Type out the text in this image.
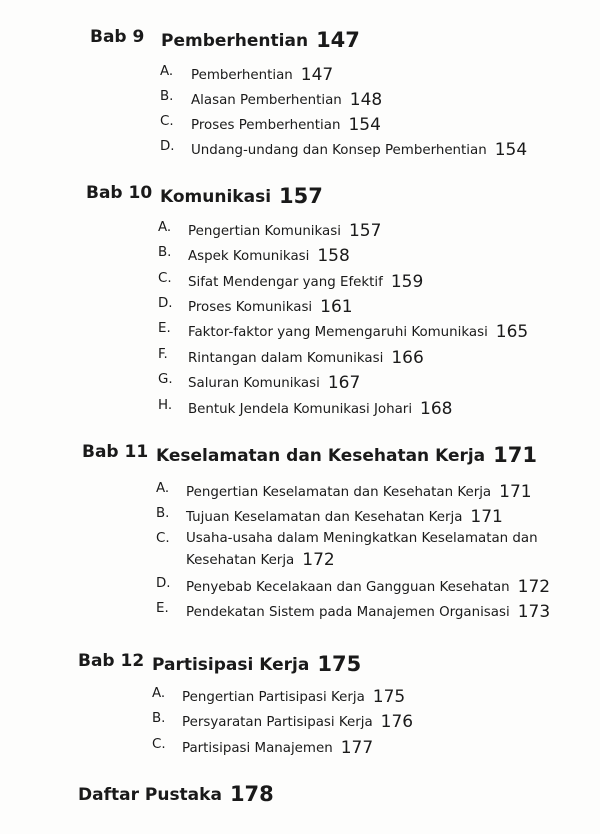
Bab 9 Pemberhentian 147
A. Pemberhentian 147
B. Alasan Pemberhentian 148
C. Proses Pemberhentian 154
D. Undang-undang dan Konsep Pemberhentian 154
Bab 10 Komunikasi 157
A. Pengertian Komunikasi 157
B. Aspek Komunikasi 158
C. Sifat Mendengar yang Efektif 159
D. Proses Komunikasi 161
E. Faktor-faktor yang Memengaruhi Komunikasi 165
F. Rintangan dalam Komunikasi 166
G. Saluran Komunikasi 167
H. Bentuk Jendela Komunikasi Johari 168
Bab 11 Keselamatan dan Kesehatan Kerja 171
A. Pengertian Keselamatan dan Kesehatan Kerja 171
B. Tujuan Keselamatan dan Kesehatan Kerja 171
C. Usaha-usaha dalam Meningkatkan Keselamatan dan
Kesehatan Kerja 172
D. Penyebab Kecelakaan dan Gangguan Kesehatan 172
E. Pendekatan Sistem pada Manajemen Organisasi 173
Bab 12 Partisipasi Kerja 175
A. Pengertian Partisipasi Kerja 175
B. Persyaratan Partisipasi Kerja 176
C. Partisipasi Manajemen 177
Daftar Pustaka 178
